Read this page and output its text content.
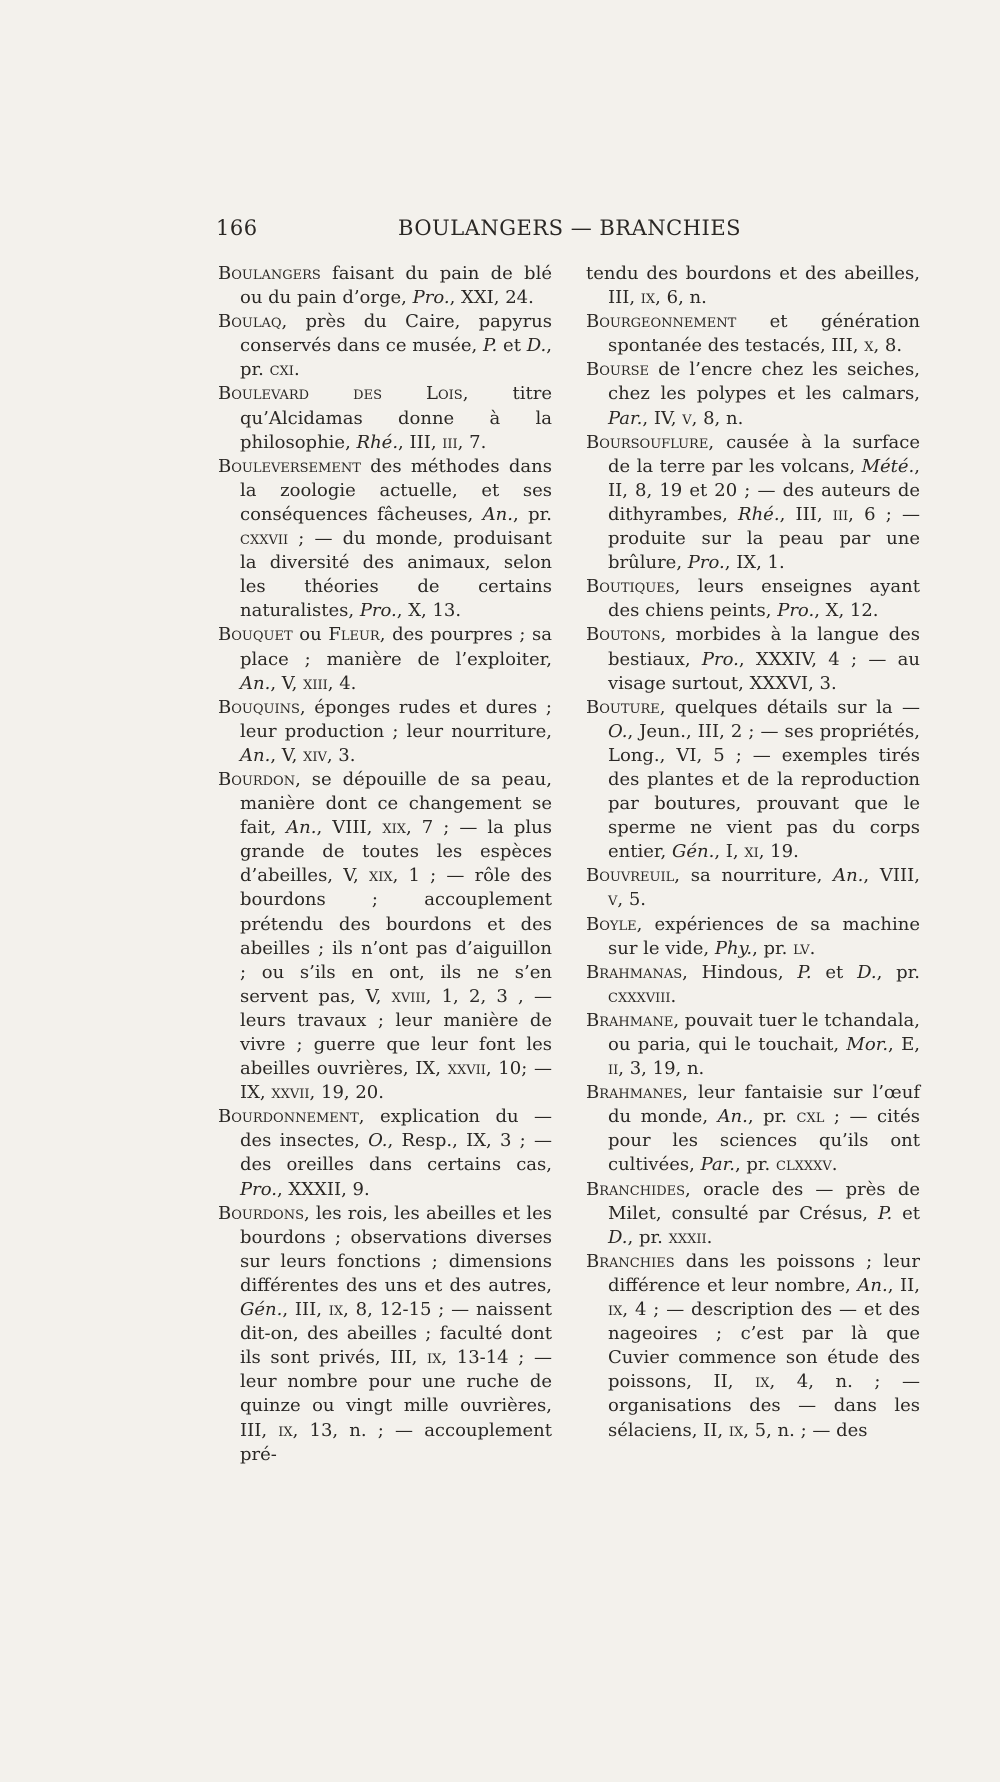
166	BOULANGERS — BRANCHIES

Boulangers faisant du pain de blé ou du pain d’orge, Pro., XXI, 24.

Boulaq, près du Caire, papyrus conservés dans ce musée, P. et D., pr. cxi.

Boulevard des Lois, titre qu’Alcidamas donne à la philosophie, Rhé., III, iii, 7.

Bouleversement des méthodes dans la zoologie actuelle, et ses conséquences fâcheuses, An., pr. cxxvii ; — du monde, produisant la diversité des animaux, selon les théories de certains naturalistes, Pro., X, 13.

Bouquet ou Fleur, des pourpres ; sa place ; manière de l’exploiter, An., V, xiii, 4.

Bouquins, éponges rudes et dures ; leur production ; leur nourriture, An., V, xiv, 3.

Bourdon, se dépouille de sa peau, manière dont ce changement se fait, An., VIII, xix, 7 ; — la plus grande de toutes les espèces d’abeilles, V, xix, 1 ; — rôle des bourdons ; accouplement prétendu des bourdons et des abeilles ; ils n’ont pas d’aiguillon ; ou s’ils en ont, ils ne s’en servent pas, V, xviii, 1, 2, 3 , — leurs travaux ; leur manière de vivre ; guerre que leur font les abeilles ouvrières, IX, xxvii, 10; — IX, xxvii, 19, 20.

Bourdonnement, explication du — des insectes, O., Resp., IX, 3 ; — des oreilles dans certains cas, Pro., XXXII, 9.

Bourdons, les rois, les abeilles et les bourdons ; observations diverses sur leurs fonctions ; dimensions différentes des uns et des autres, Gén., III, ix, 8, 12-15 ; — naissent dit-on, des abeilles ; faculté dont ils sont privés, III, ix, 13-14 ; — leur nombre pour une ruche de quinze ou vingt mille ouvrières, III, ix, 13, n. ; — accouplement pré-

tendu des bourdons et des abeilles, III, ix, 6, n.

Bourgeonnement et génération spontanée des testacés, III, x, 8.

Bourse de l’encre chez les seiches, chez les polypes et les calmars, Par., IV, v, 8, n.

Boursouflure, causée à la surface de la terre par les volcans, Mété., II, 8, 19 et 20 ; — des auteurs de dithyrambes, Rhé., III, iii, 6 ; — produite sur la peau par une brûlure, Pro., IX, 1.

Boutiques, leurs enseignes ayant des chiens peints, Pro., X, 12.

Boutons, morbides à la langue des bestiaux, Pro., XXXIV, 4 ; — au visage surtout, XXXVI, 3.

Bouture, quelques détails sur la — O., Jeun., III, 2 ; — ses propriétés, Long., VI, 5 ; — exemples tirés des plantes et de la reproduction par boutures, prouvant que le sperme ne vient pas du corps entier, Gén., I, xi, 19.

Bouvreuil, sa nourriture, An., VIII, v, 5.

Boyle, expériences de sa machine sur le vide, Phy., pr. lv.

Brahmanas, Hindous, P. et D., pr. cxxxviii.

Brahmane, pouvait tuer le tchandala, ou paria, qui le touchait, Mor., E, ii, 3, 19, n.

Brahmanes, leur fantaisie sur l’œuf du monde, An., pr. cxl ; — cités pour les sciences qu’ils ont cultivées, Par., pr. clxxxv.

Branchides, oracle des — près de Milet, consulté par Crésus, P. et D., pr. xxxii.

Branchies dans les poissons ; leur différence et leur nombre, An., II, ix, 4 ; — description des — et des nageoires ; c’est par là que Cuvier commence son étude des poissons, II, ix, 4, n. ; — organisations des — dans les sélaciens, II, ix, 5, n. ; — des
